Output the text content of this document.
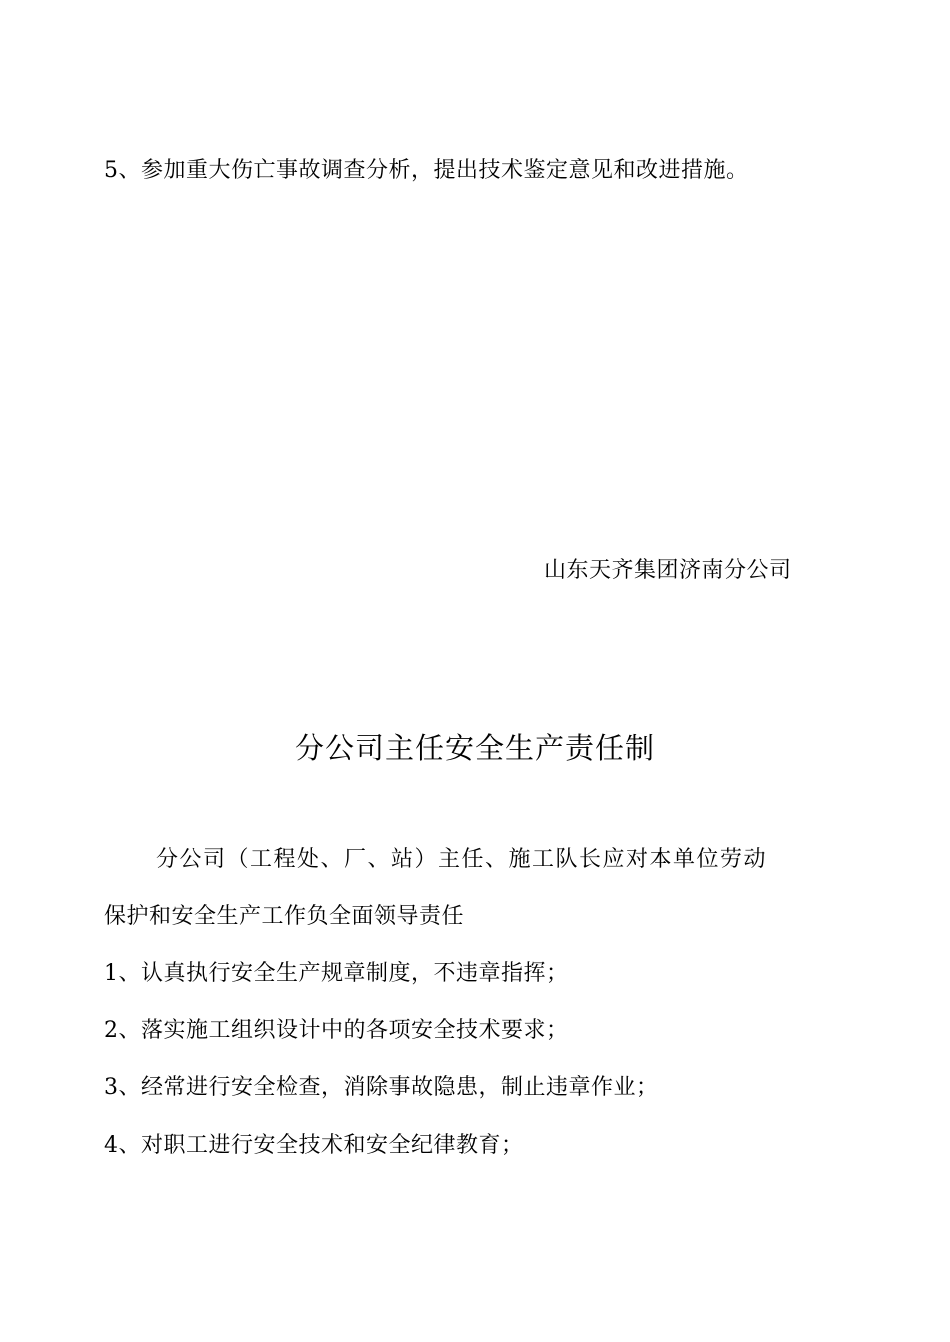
5、参加重大伤亡事故调查分析，提出技术鉴定意见和改进措施。
山东天齐集团济南分公司
分公司主任安全生产责任制
分公司（工程处、厂、站）主任、施工队长应对本单位劳动
保护和安全生产工作负全面领导责任
1、认真执行安全生产规章制度，不违章指挥；
2、落实施工组织设计中的各项安全技术要求；
3、经常进行安全检查，消除事故隐患，制止违章作业；
4、对职工进行安全技术和安全纪律教育；
